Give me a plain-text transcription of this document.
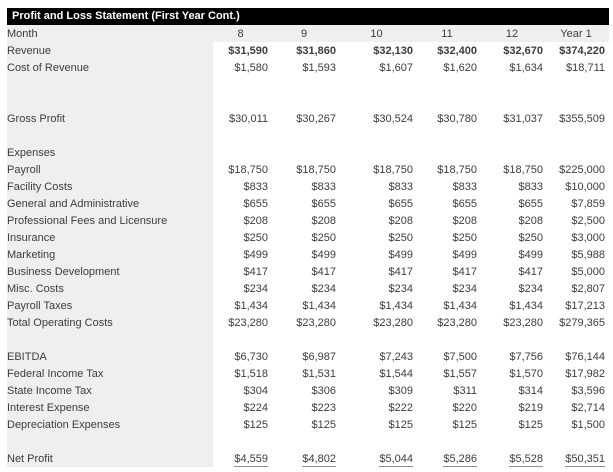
Profit and Loss Statement (First Year Cont.)
Month	8	9	10	11	12	Year 1
Revenue	$31,590	$31,860	$32,130	$32,400	$32,670	$374,220
Cost of Revenue	$1,580	$1,593	$1,607	$1,620	$1,634	$18,711

Gross Profit	$30,011	$30,267	$30,524	$30,780	$31,037	$355,509

Expenses						
Payroll	$18,750	$18,750	$18,750	$18,750	$18,750	$225,000
Facility Costs	$833	$833	$833	$833	$833	$10,000
General and Administrative	$655	$655	$655	$655	$655	$7,859
Professional Fees and Licensure	$208	$208	$208	$208	$208	$2,500
Insurance	$250	$250	$250	$250	$250	$3,000
Marketing	$499	$499	$499	$499	$499	$5,988
Business Development	$417	$417	$417	$417	$417	$5,000
Misc. Costs	$234	$234	$234	$234	$234	$2,807
Payroll Taxes	$1,434	$1,434	$1,434	$1,434	$1,434	$17,213
Total Operating Costs	$23,280	$23,280	$23,280	$23,280	$23,280	$279,365

EBITDA	$6,730	$6,987	$7,243	$7,500	$7,756	$76,144
Federal Income Tax	$1,518	$1,531	$1,544	$1,557	$1,570	$17,982
State Income Tax	$304	$306	$309	$311	$314	$3,596
Interest Expense	$224	$223	$222	$220	$219	$2,714
Depreciation Expenses	$125	$125	$125	$125	$125	$1,500

Net Profit	$4,559	$4,802	$5,044	$5,286	$5,528	$50,351
